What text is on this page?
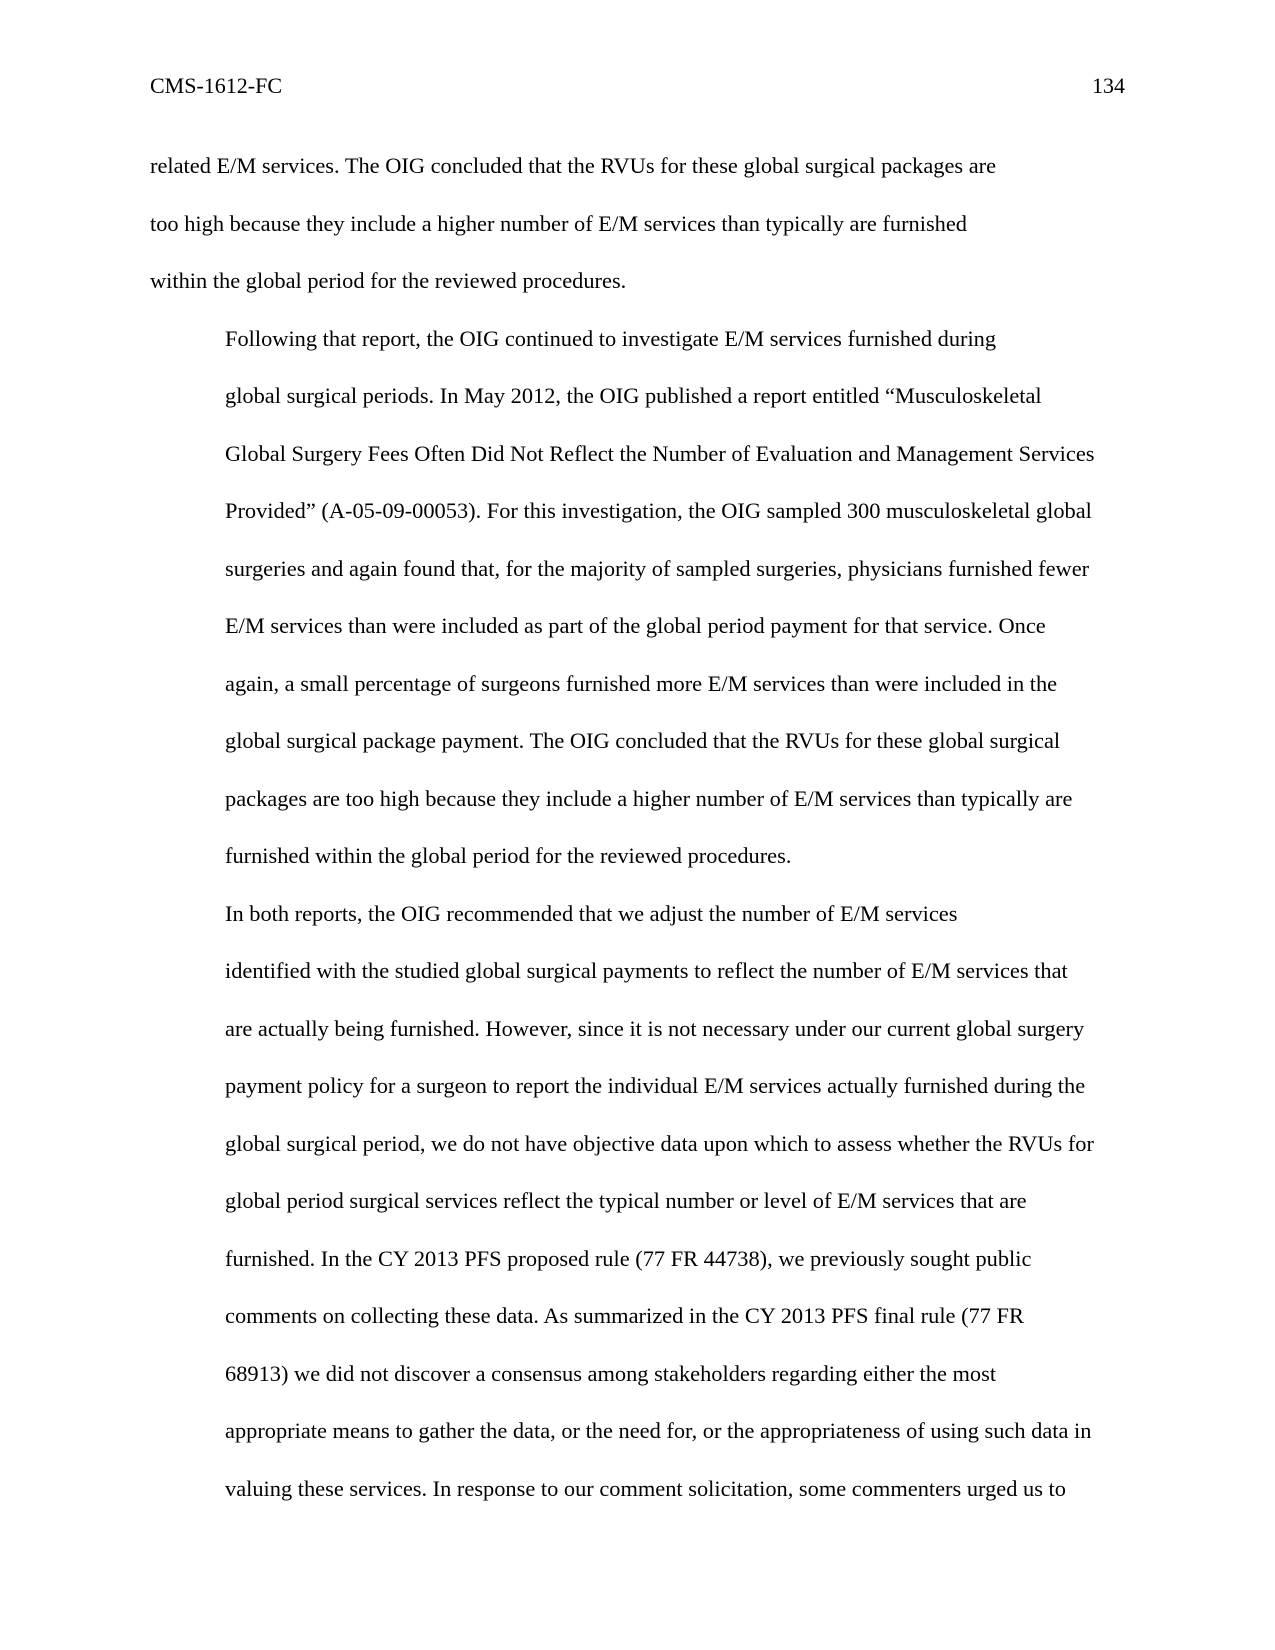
CMS-1612-FC	134

related E/M services. The OIG concluded that the RVUs for these global surgical packages are
too high because they include a higher number of E/M services than typically are furnished
within the global period for the reviewed procedures.

Following that report, the OIG continued to investigate E/M services furnished during
global surgical periods. In May 2012, the OIG published a report entitled “Musculoskeletal
Global Surgery Fees Often Did Not Reflect the Number of Evaluation and Management Services
Provided” (A-05-09-00053). For this investigation, the OIG sampled 300 musculoskeletal global
surgeries and again found that, for the majority of sampled surgeries, physicians furnished fewer
E/M services than were included as part of the global period payment for that service. Once
again, a small percentage of surgeons furnished more E/M services than were included in the
global surgical package payment. The OIG concluded that the RVUs for these global surgical
packages are too high because they include a higher number of E/M services than typically are
furnished within the global period for the reviewed procedures.

In both reports, the OIG recommended that we adjust the number of E/M services
identified with the studied global surgical payments to reflect the number of E/M services that
are actually being furnished. However, since it is not necessary under our current global surgery
payment policy for a surgeon to report the individual E/M services actually furnished during the
global surgical period, we do not have objective data upon which to assess whether the RVUs for
global period surgical services reflect the typical number or level of E/M services that are
furnished. In the CY 2013 PFS proposed rule (77 FR 44738), we previously sought public
comments on collecting these data. As summarized in the CY 2013 PFS final rule (77 FR
68913) we did not discover a consensus among stakeholders regarding either the most
appropriate means to gather the data, or the need for, or the appropriateness of using such data in
valuing these services. In response to our comment solicitation, some commenters urged us to
